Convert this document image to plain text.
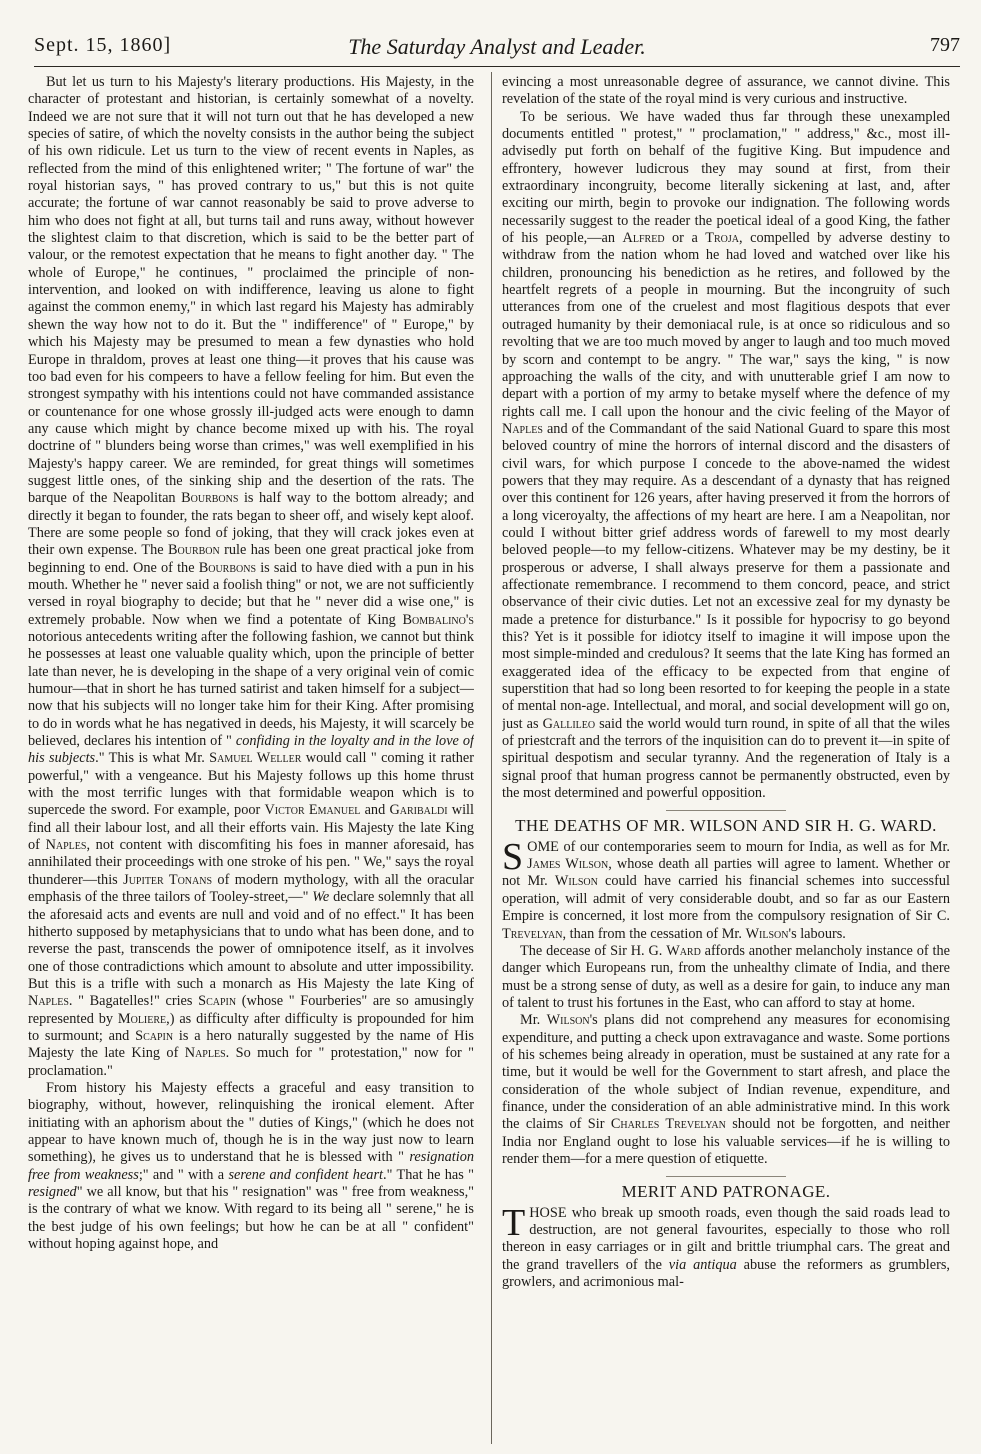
Sept. 15, 1860]	The Saturday Analyst and Leader.	797

But let us turn to his Majesty's literary productions. His Majesty, in the character of protestant and historian, is certainly somewhat of a novelty. Indeed we are not sure that it will not turn out that he has developed a new species of satire, of which the novelty consists in the author being the subject of his own ridicule. Let us turn to the view of recent events in Naples, as reflected from the mind of this enlightened writer; " The fortune of war" the royal historian says, " has proved contrary to us," but this is not quite accurate; the fortune of war cannot reasonably be said to prove adverse to him who does not fight at all, but turns tail and runs away, without however the slightest claim to that discretion, which is said to be the better part of valour, or the remotest expectation that he means to fight another day. " The whole of Europe," he continues, " proclaimed the principle of non-intervention, and looked on with indifference, leaving us alone to fight against the common enemy," in which last regard his Majesty has admirably shewn the way how not to do it. But the " indifference" of " Europe," by which his Majesty may be presumed to mean a few dynasties who hold Europe in thraldom, proves at least one thing—it proves that his cause was too bad even for his compeers to have a fellow feeling for him. But even the strongest sympathy with his intentions could not have commanded assistance or countenance for one whose grossly ill-judged acts were enough to damn any cause which might by chance become mixed up with his. The royal doctrine of " blunders being worse than crimes," was well exemplified in his Majesty's happy career. We are reminded, for great things will sometimes suggest little ones, of the sinking ship and the desertion of the rats. The barque of the Neapolitan Bourbons is half way to the bottom already; and directly it began to founder, the rats began to sheer off, and wisely kept aloof. There are some people so fond of joking, that they will crack jokes even at their own expense. The Bourbon rule has been one great practical joke from beginning to end. One of the Bourbons is said to have died with a pun in his mouth. Whether he " never said a foolish thing" or not, we are not sufficiently versed in royal biography to decide; but that he " never did a wise one," is extremely probable. Now when we find a potentate of King Bombalino's notorious antecedents writing after the following fashion, we cannot but think he possesses at least one valuable quality which, upon the principle of better late than never, he is developing in the shape of a very original vein of comic humour—that in short he has turned satirist and taken himself for a subject—now that his subjects will no longer take him for their King. After promising to do in words what he has negatived in deeds, his Majesty, it will scarcely be believed, declares his intention of " confiding in the loyalty and in the love of his subjects." This is what Mr. Samuel Weller would call " coming it rather powerful," with a vengeance. But his Majesty follows up this home thrust with the most terrific lunges with that formidable weapon which is to supercede the sword. For example, poor Victor Emanuel and Garibaldi will find all their labour lost, and all their efforts vain. His Majesty the late King of Naples, not content with discomfiting his foes in manner aforesaid, has annihilated their proceedings with one stroke of his pen. " We," says the royal thunderer—this Jupiter Tonans of modern mythology, with all the oracular emphasis of the three tailors of Tooley-street,—" We declare solemnly that all the aforesaid acts and events are null and void and of no effect." It has been hitherto supposed by metaphysicians that to undo what has been done, and to reverse the past, transcends the power of omnipotence itself, as it involves one of those contradictions which amount to absolute and utter impossibility. But this is a trifle with such a monarch as His Majesty the late King of Naples. " Bagatelles!" cries Scapin (whose " Fourberies" are so amusingly represented by Moliere,) as difficulty after difficulty is propounded for him to surmount; and Scapin is a hero naturally suggested by the name of His Majesty the late King of Naples. So much for " protestation," now for " proclamation."

From history his Majesty effects a graceful and easy transition to biography, without, however, relinquishing the ironical element. After initiating with an aphorism about the " duties of Kings," (which he does not appear to have known much of, though he is in the way just now to learn something), he gives us to understand that he is blessed with " resignation free from weakness;" and " with a serene and confident heart." That he has " resigned" we all know, but that his " resignation" was " free from weakness," is the contrary of what we know. With regard to its being all " serene," he is the best judge of his own feelings; but how he can be at all " confident" without hoping against hope, and

evincing a most unreasonable degree of assurance, we cannot divine. This revelation of the state of the royal mind is very curious and instructive.

To be serious. We have waded thus far through these unexampled documents entitled " protest," " proclamation," " address," &c., most ill-advisedly put forth on behalf of the fugitive King. But impudence and effrontery, however ludicrous they may sound at first, from their extraordinary incongruity, become literally sickening at last, and, after exciting our mirth, begin to provoke our indignation. The following words necessarily suggest to the reader the poetical ideal of a good King, the father of his people,—an Alfred or a Troja, compelled by adverse destiny to withdraw from the nation whom he had loved and watched over like his children, pronouncing his benediction as he retires, and followed by the heartfelt regrets of a people in mourning. But the incongruity of such utterances from one of the cruelest and most flagitious despots that ever outraged humanity by their demoniacal rule, is at once so ridiculous and so revolting that we are too much moved by anger to laugh and too much moved by scorn and contempt to be angry. " The war," says the king, " is now approaching the walls of the city, and with unutterable grief I am now to depart with a portion of my army to betake myself where the defence of my rights call me. I call upon the honour and the civic feeling of the Mayor of Naples and of the Commandant of the said National Guard to spare this most beloved country of mine the horrors of internal discord and the disasters of civil wars, for which purpose I concede to the above-named the widest powers that they may require. As a descendant of a dynasty that has reigned over this continent for 126 years, after having preserved it from the horrors of a long viceroyalty, the affections of my heart are here. I am a Neapolitan, nor could I without bitter grief address words of farewell to my most dearly beloved people—to my fellow-citizens. Whatever may be my destiny, be it prosperous or adverse, I shall always preserve for them a passionate and affectionate remembrance. I recommend to them concord, peace, and strict observance of their civic duties. Let not an excessive zeal for my dynasty be made a pretence for disturbance." Is it possible for hypocrisy to go beyond this? Yet is it possible for idiotcy itself to imagine it will impose upon the most simple-minded and credulous? It seems that the late King has formed an exaggerated idea of the efficacy to be expected from that engine of superstition that had so long been resorted to for keeping the people in a state of mental non-age. Intellectual, and moral, and social development will go on, just as Gallileo said the world would turn round, in spite of all that the wiles of priestcraft and the terrors of the inquisition can do to prevent it—in spite of spiritual despotism and secular tyranny. And the regeneration of Italy is a signal proof that human progress cannot be permanently obstructed, even by the most determined and powerful opposition.

THE DEATHS OF MR. WILSON AND SIR H. G. WARD.

SOME of our contemporaries seem to mourn for India, as well as for Mr. James Wilson, whose death all parties will agree to lament. Whether or not Mr. Wilson could have carried his financial schemes into successful operation, will admit of very considerable doubt, and so far as our Eastern Empire is concerned, it lost more from the compulsory resignation of Sir C. Trevelyan, than from the cessation of Mr. Wilson's labours.

The decease of Sir H. G. Ward affords another melancholy instance of the danger which Europeans run, from the unhealthy climate of India, and there must be a strong sense of duty, as well as a desire for gain, to induce any man of talent to trust his fortunes in the East, who can afford to stay at home.

Mr. Wilson's plans did not comprehend any measures for economising expenditure, and putting a check upon extravagance and waste. Some portions of his schemes being already in operation, must be sustained at any rate for a time, but it would be well for the Government to start afresh, and place the consideration of the whole subject of Indian revenue, expenditure, and finance, under the consideration of an able administrative mind. In this work the claims of Sir Charles Trevelyan should not be forgotten, and neither India nor England ought to lose his valuable services—if he is willing to render them—for a mere question of etiquette.

MERIT AND PATRONAGE.

THOSE who break up smooth roads, even though the said roads lead to destruction, are not general favourites, especially to those who roll thereon in easy carriages or in gilt and brittle triumphal cars. The great and the grand travellers of the via antiqua abuse the reformers as grumblers, growlers, and acrimonious mal-
